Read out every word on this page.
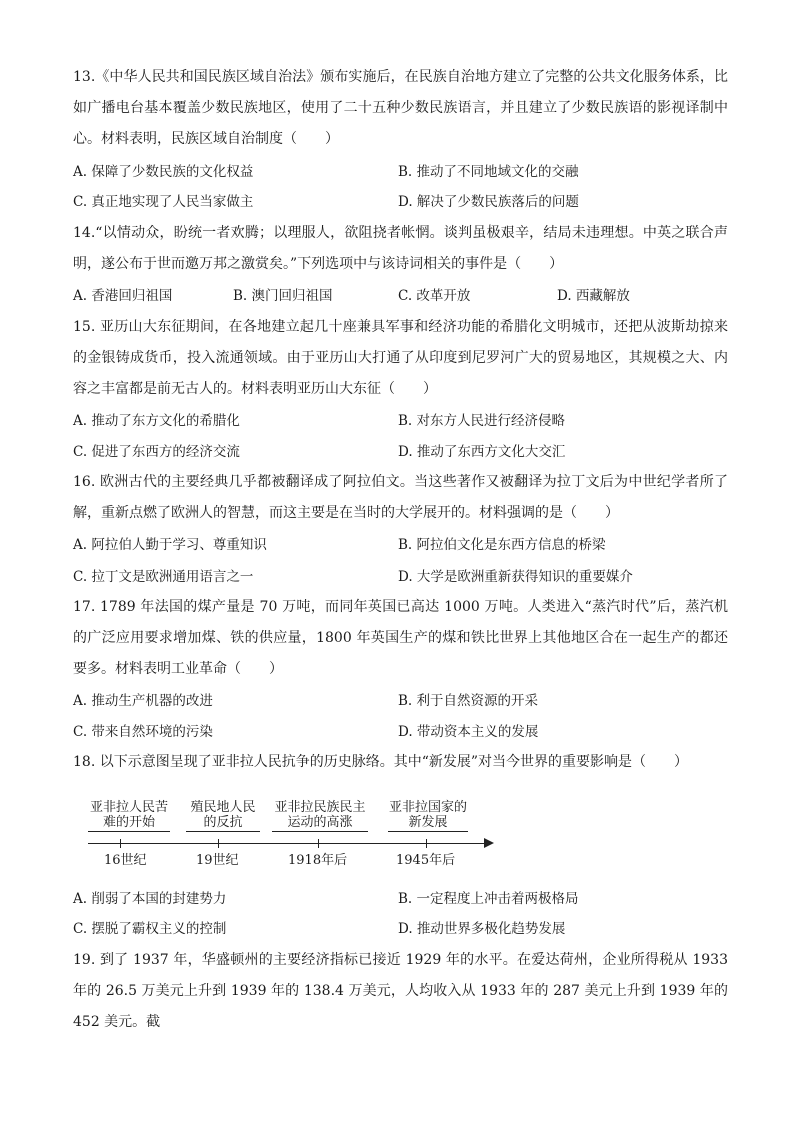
13.《中华人民共和国民族区域自治法》颁布实施后，在民族自治地方建立了完整的公共文化服务体系，比如广播电台基本覆盖少数民族地区，使用了二十五种少数民族语言，并且建立了少数民族语的影视译制中心。材料表明，民族区域自治制度（　　）

A. 保障了少数民族的文化权益	B. 推动了不同地域文化的交融

C. 真正地实现了人民当家做主	D. 解决了少数民族落后的问题

14.“以情动众，盼统一者欢腾；以理服人，欲阻挠者帐惘。谈判虽极艰辛，结局未违理想。中英之联合声明，遂公布于世而邀万邦之激赏矣。”下列选项中与该诗词相关的事件是（　　）

A. 香港回归祖国	B. 澳门回归祖国	C. 改革开放	D. 西藏解放

15. 亚历山大东征期间，在各地建立起几十座兼具军事和经济功能的希腊化文明城市，还把从波斯劫掠来的金银铸成货币，投入流通领域。由于亚历山大打通了从印度到尼罗河广大的贸易地区，其规模之大、内容之丰富都是前无古人的。材料表明亚历山大东征（　　）

A. 推动了东方文化的希腊化	B. 对东方人民进行经济侵略

C. 促进了东西方的经济交流	D. 推动了东西方文化大交汇

16. 欧洲古代的主要经典几乎都被翻译成了阿拉伯文。当这些著作又被翻译为拉丁文后为中世纪学者所了解，重新点燃了欧洲人的智慧，而这主要是在当时的大学展开的。材料强调的是（　　）

A. 阿拉伯人勤于学习、尊重知识	B. 阿拉伯文化是东西方信息的桥梁

C. 拉丁文是欧洲通用语言之一	D. 大学是欧洲重新获得知识的重要媒介

17. 1789 年法国的煤产量是 70 万吨，而同年英国已高达 1000 万吨。人类进入“蒸汽时代”后，蒸汽机的广泛应用要求增加煤、铁的供应量，1800 年英国生产的煤和铁比世界上其他地区合在一起生产的都还要多。材料表明工业革命（　　）

A. 推动生产机器的改进	B. 利于自然资源的开采

C. 带来自然环境的污染	D. 带动资本主义的发展

18. 以下示意图呈现了亚非拉人民抗争的历史脉络。其中“新发展”对当今世界的重要影响是（　　）

亚非拉人民苦难的开始
殖民地人民的反抗
亚非拉民族民主运动的高涨
亚非拉国家的新发展
16世纪	19世纪	1918年后	1945年后

A. 削弱了本国的封建势力	B. 一定程度上冲击着两极格局

C. 摆脱了霸权主义的控制	D. 推动世界多极化趋势发展

19. 到了 1937 年，华盛顿州的主要经济指标已接近 1929 年的水平。在爱达荷州，企业所得税从 1933 年的 26.5 万美元上升到 1939 年的 138.4 万美元，人均收入从 1933 年的 287 美元上升到 1939 年的 452 美元。截
